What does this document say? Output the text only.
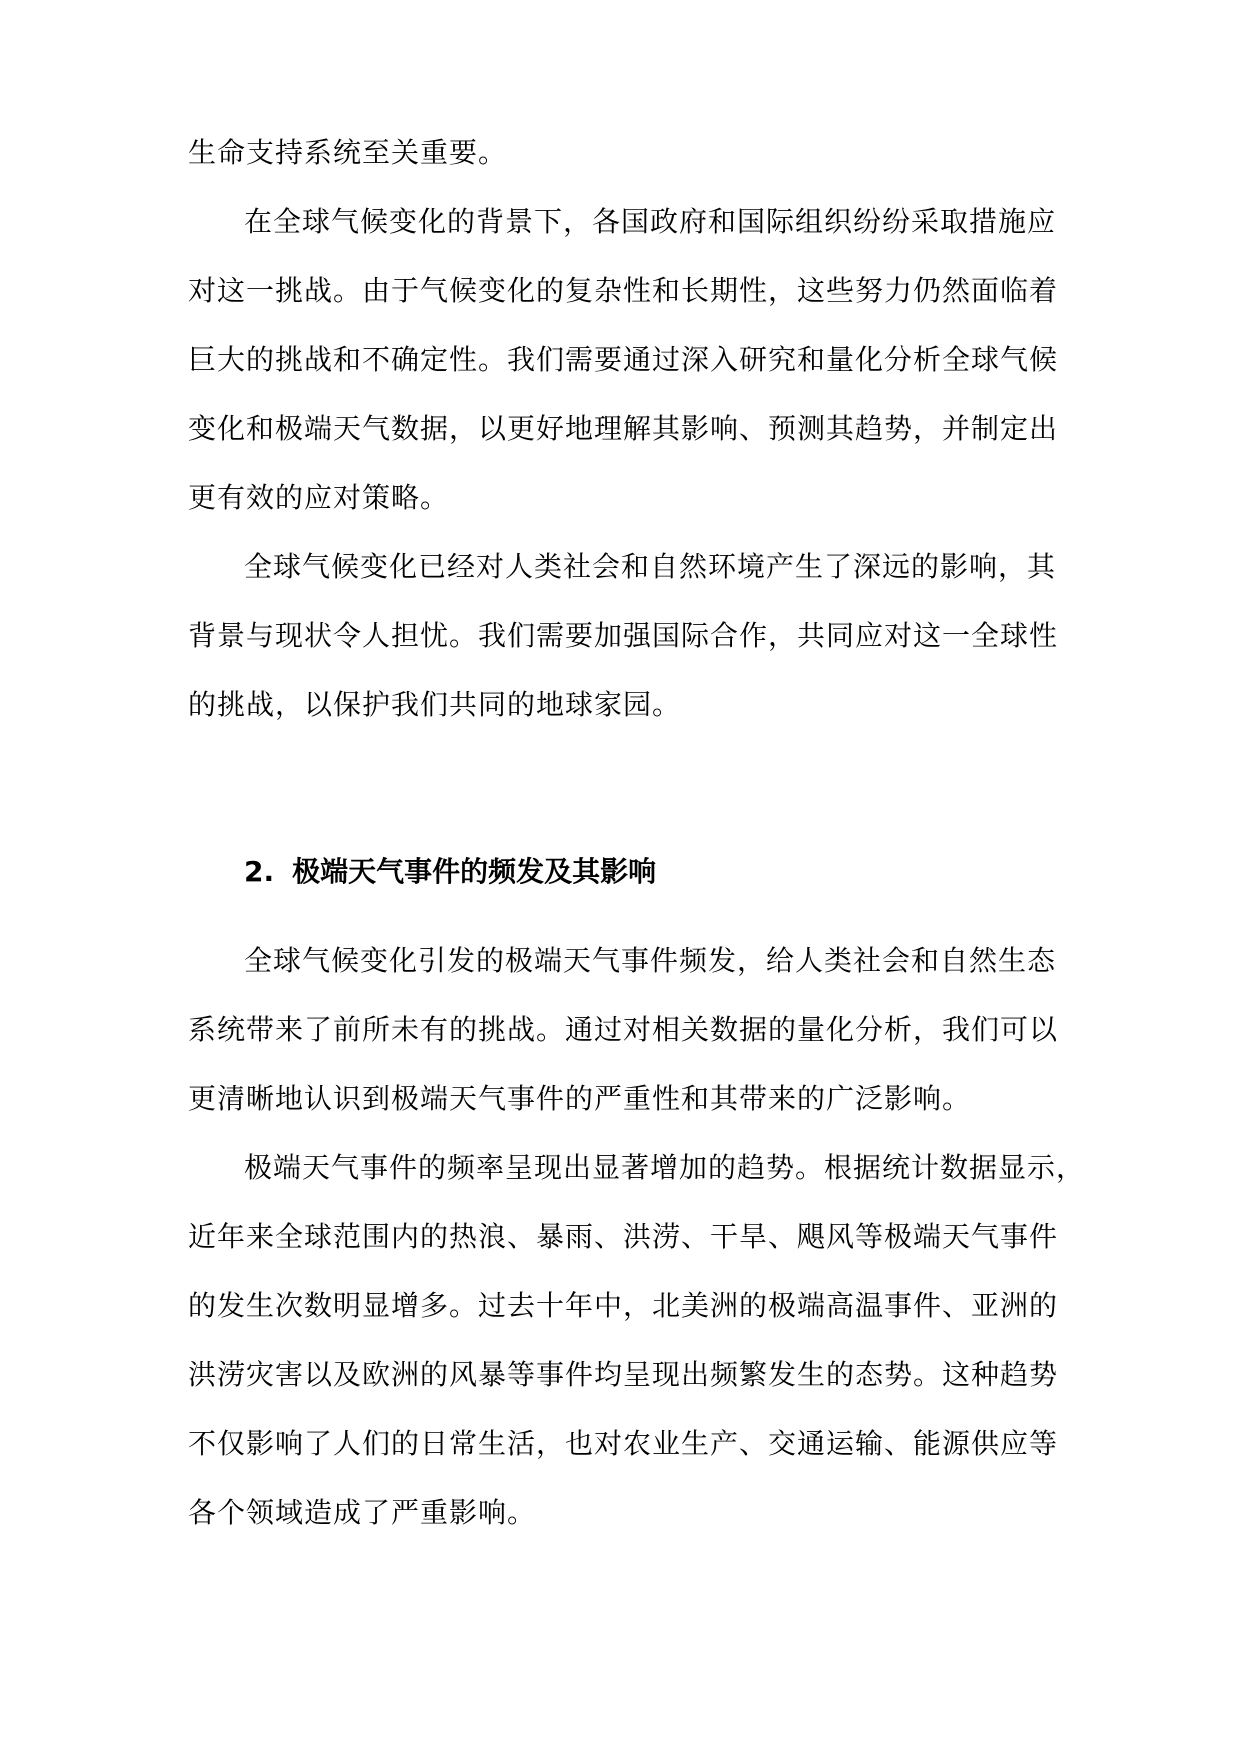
生命支持系统至关重要。
在全球气候变化的背景下，各国政府和国际组织纷纷采取措施应
对这一挑战。由于气候变化的复杂性和长期性，这些努力仍然面临着
巨大的挑战和不确定性。我们需要通过深入研究和量化分析全球气候
变化和极端天气数据，以更好地理解其影响、预测其趋势，并制定出
更有效的应对策略。
全球气候变化已经对人类社会和自然环境产生了深远的影响，其
背景与现状令人担忧。我们需要加强国际合作，共同应对这一全球性
的挑战，以保护我们共同的地球家园。
2. 极端天气事件的频发及其影响
全球气候变化引发的极端天气事件频发，给人类社会和自然生态
系统带来了前所未有的挑战。通过对相关数据的量化分析，我们可以
更清晰地认识到极端天气事件的严重性和其带来的广泛影响。
极端天气事件的频率呈现出显著增加的趋势。根据统计数据显示，
近年来全球范围内的热浪、暴雨、洪涝、干旱、飓风等极端天气事件
的发生次数明显增多。过去十年中，北美洲的极端高温事件、亚洲的
洪涝灾害以及欧洲的风暴等事件均呈现出频繁发生的态势。这种趋势
不仅影响了人们的日常生活，也对农业生产、交通运输、能源供应等
各个领域造成了严重影响。
